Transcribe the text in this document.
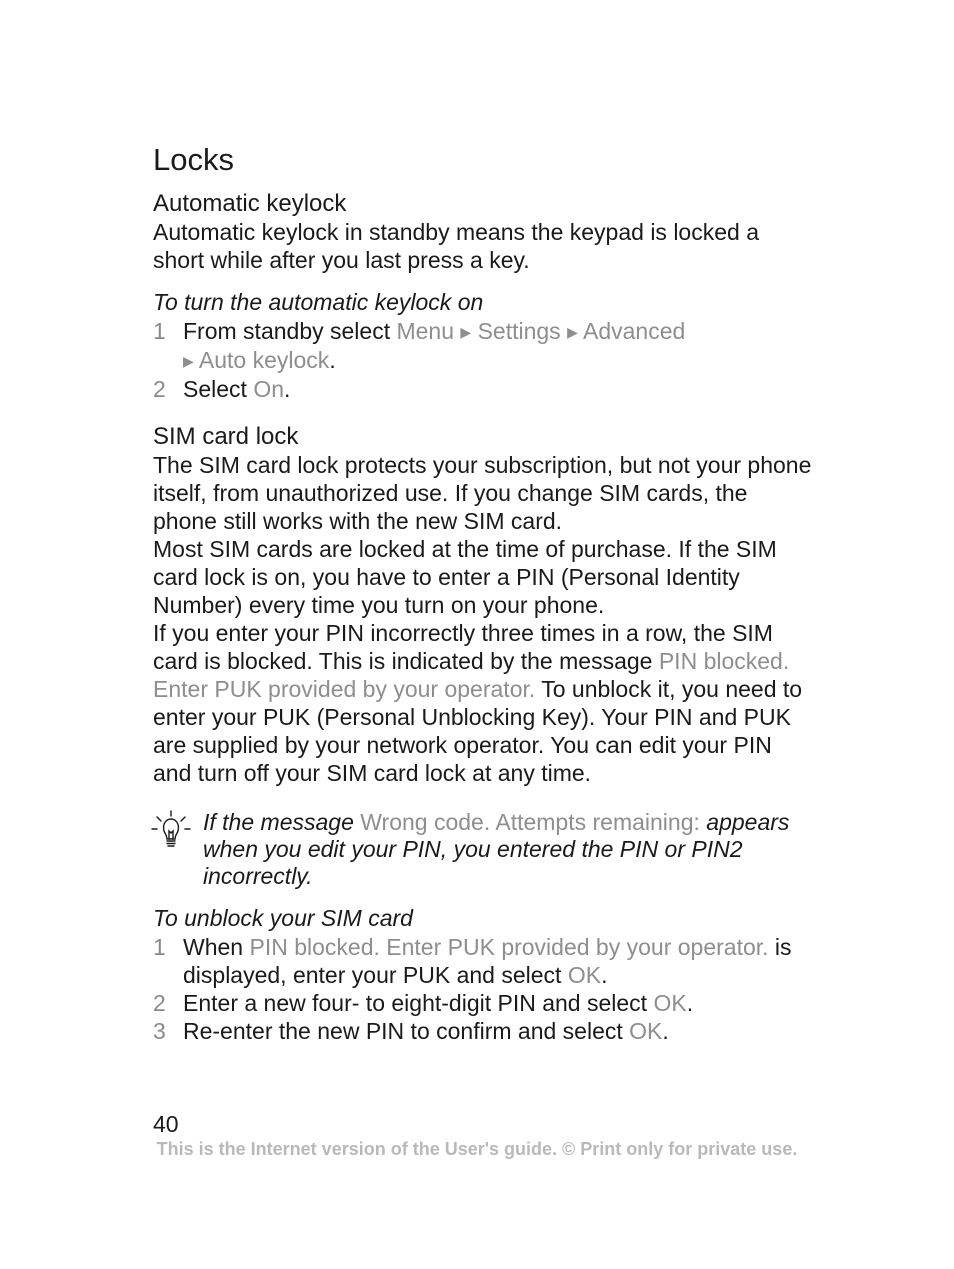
Locks
Automatic keylock

Automatic keylock in standby means the keypad is locked a short while after you last press a key.

To turn the automatic keylock on

1 From standby select Menu ▶ Settings ▶ Advanced
▶ Auto keylock.
2 Select On.
SIM card lock

The SIM card lock protects your subscription, but not your phone itself, from unauthorized use. If you change SIM cards, the phone still works with the new SIM card.

Most SIM cards are locked at the time of purchase. If the SIM card lock is on, you have to enter a PIN (Personal Identity Number) every time you turn on your phone.

If you enter your PIN incorrectly three times in a row, the SIM card is blocked. This is indicated by the message PIN blocked. Enter PUK provided by your operator. To unblock it, you need to enter your PUK (Personal Unblocking Key). Your PIN and PUK are supplied by your network operator. You can edit your PIN and turn off your SIM card lock at any time.

If the message Wrong code. Attempts remaining: appears when you edit your PIN, you entered the PIN or PIN2 incorrectly.

To unblock your SIM card

1 When PIN blocked. Enter PUK provided by your operator. is displayed, enter your PUK and select OK.
2 Enter a new four- to eight-digit PIN and select OK.
3 Re-enter the new PIN to confirm and select OK.
40
This is the Internet version of the User's guide. © Print only for private use.
